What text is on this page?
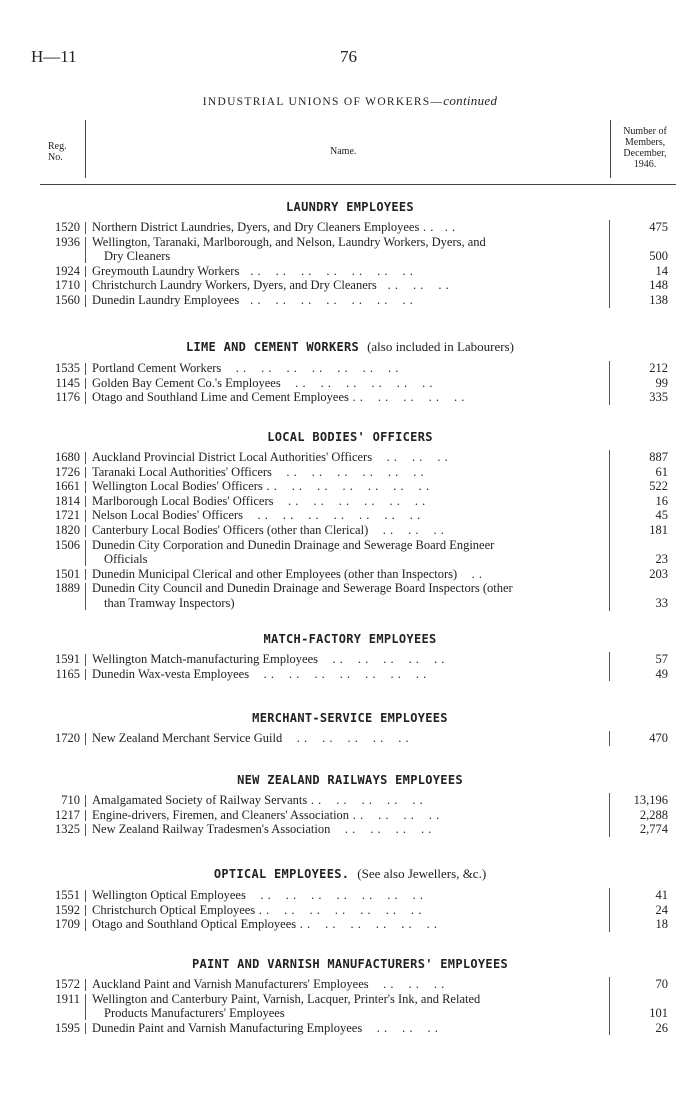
H—11	76
INDUSTRIAL UNIONS OF WORKERS—continued
Reg.
No.
Name.
Number of
Members,
December,
1946.
LAUNDRY EMPLOYEES
1520 Northern District Laundries, Dyers, and Dry Cleaners Employees . .   . .	475
1936 Wellington, Taranaki, Marlborough, and Nelson, Laundry Workers, Dyers, and
Dry Cleaners	500
1924 Greymouth Laundry Workers   . .    . .    . .    . .    . .    . .    . .	14
1710 Christchurch Laundry Workers, Dyers, and Dry Cleaners   . .    . .    . .	148
1560 Dunedin Laundry Employees   . .    . .    . .    . .    . .    . .    . .	138
LIME AND CEMENT WORKERS (also included in Labourers)
1535 Portland Cement Workers    . .    . .    . .    . .    . .    . .    . .	212
1145 Golden Bay Cement Co.'s Employees    . .    . .    . .    . .    . .    . .	99
1176 Otago and Southland Lime and Cement Employees . .    . .    . .    . .    . .	335
LOCAL BODIES' OFFICERS
1680 Auckland Provincial District Local Authorities' Officers    . .    . .    . .	887
1726 Taranaki Local Authorities' Officers    . .    . .    . .    . .    . .    . .	61
1661 Wellington Local Bodies' Officers . .    . .    . .    . .    . .    . .    . .	522
1814 Marlborough Local Bodies' Officers    . .    . .    . .    . .    . .    . .	16
1721 Nelson Local Bodies' Officers    . .    . .    . .    . .    . .    . .    . .	45
1820 Canterbury Local Bodies' Officers (other than Clerical)    . .    . .    . .	181
1506 Dunedin City Corporation and Dunedin Drainage and Sewerage Board Engineer
Officials	23
1501 Dunedin Municipal Clerical and other Employees (other than Inspectors)    . .	203
1889 Dunedin City Council and Dunedin Drainage and Sewerage Board Inspectors (other
than Tramway Inspectors)	33
MATCH-FACTORY EMPLOYEES
1591 Wellington Match-manufacturing Employees    . .    . .    . .    . .    . .	57
1165 Dunedin Wax-vesta Employees    . .    . .    . .    . .    . .    . .    . .	49
MERCHANT-SERVICE EMPLOYEES
1720 New Zealand Merchant Service Guild    . .    . .    . .    . .    . .	470
NEW ZEALAND RAILWAYS EMPLOYEES
710 Amalgamated Society of Railway Servants . .    . .    . .    . .    . .	13,196
1217 Engine-drivers, Firemen, and Cleaners' Association . .    . .    . .    . .	2,288
1325 New Zealand Railway Tradesmen's Association    . .    . .    . .    . .	2,774
OPTICAL EMPLOYEES. (See also Jewellers, &c.)
1551 Wellington Optical Employees    . .    . .    . .    . .    . .    . .    . .	41
1592 Christchurch Optical Employees . .    . .    . .    . .    . .    . .    . .	24
1709 Otago and Southland Optical Employees . .    . .    . .    . .    . .    . .	18
PAINT AND VARNISH MANUFACTURERS' EMPLOYEES
1572 Auckland Paint and Varnish Manufacturers' Employees    . .    . .    . .	70
1911 Wellington and Canterbury Paint, Varnish, Lacquer, Printer's Ink, and Related
Products Manufacturers' Employees	101
1595 Dunedin Paint and Varnish Manufacturing Employees    . .    . .    . .	26
